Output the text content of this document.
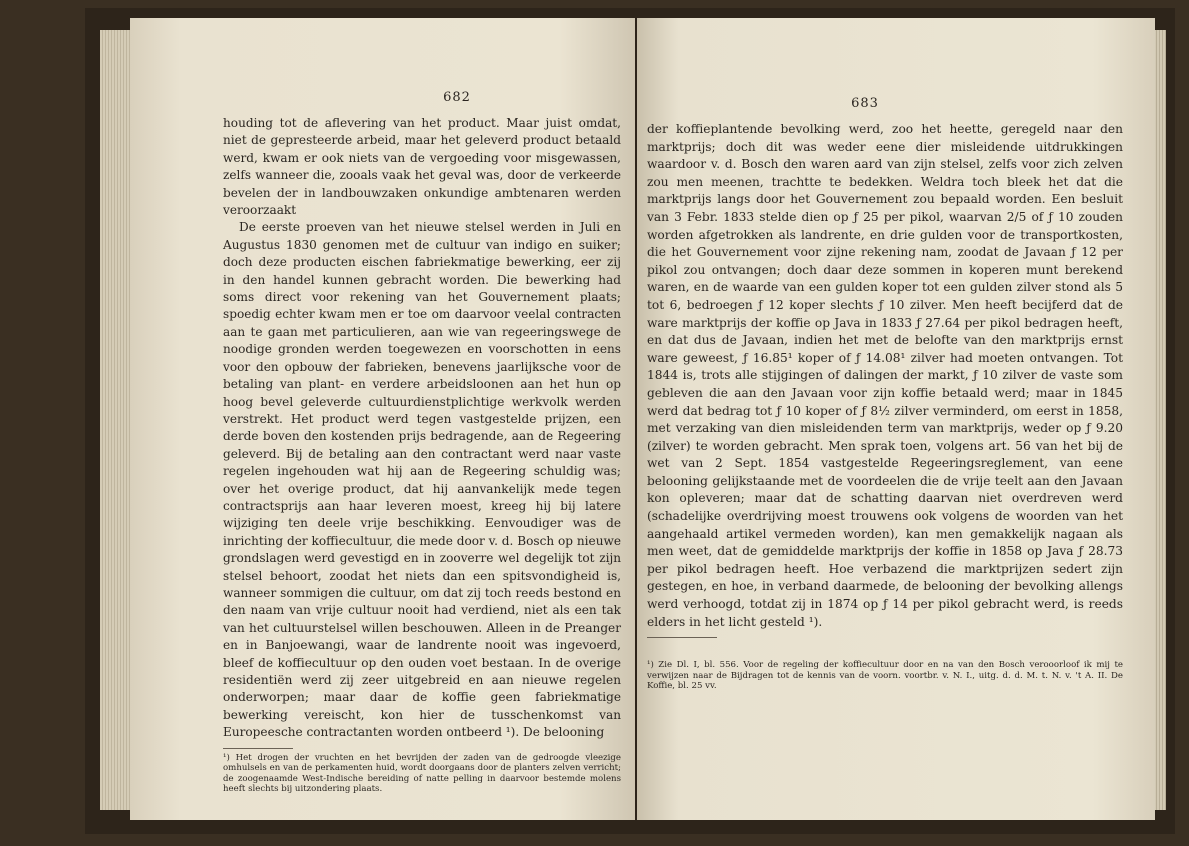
682

houding tot de aflevering van het product. Maar juist omdat, niet de gepresteerde arbeid, maar het geleverd product betaald werd, kwam er ook niets van de vergoeding voor misgewassen, zelfs wanneer die, zooals vaak het geval was, door de verkeerde bevelen der in landbouwzaken onkundige ambtenaren werden veroorzaakt

De eerste proeven van het nieuwe stelsel werden in Juli en Augustus 1830 genomen met de cultuur van indigo en suiker; doch deze producten eischen fabriekmatige bewerking, eer zij in den handel kunnen gebracht worden. Die bewerking had soms direct voor rekening van het Gouvernement plaats; spoedig echter kwam men er toe om daarvoor veelal contracten aan te gaan met particulieren, aan wie van regeeringswege de noodige gronden werden toegewezen en voorschotten in eens voor den opbouw der fabrieken, benevens jaarlijksche voor de betaling van plant- en verdere arbeidsloonen aan het hun op hoog bevel geleverde cultuurdienstplichtige werkvolk werden verstrekt. Het product werd tegen vastgestelde prijzen, een derde boven den kostenden prijs bedragende, aan de Regeering geleverd. Bij de betaling aan den contractant werd naar vaste regelen ingehouden wat hij aan de Regeering schuldig was; over het overige product, dat hij aanvankelijk mede tegen contractsprijs aan haar leveren moest, kreeg hij bij latere wijziging ten deele vrije beschikking. Eenvoudiger was de inrichting der koffiecultuur, die mede door v. d. Bosch op nieuwe grondslagen werd gevestigd en in zooverre wel degelijk tot zijn stelsel behoort, zoodat het niets dan een spitsvondigheid is, wanneer sommigen die cultuur, om dat zij toch reeds bestond en den naam van vrije cultuur nooit had verdiend, niet als een tak van het cultuurstelsel willen beschouwen. Alleen in de Preanger en in Banjoewangi, waar de landrente nooit was ingevoerd, bleef de koffiecultuur op den ouden voet bestaan. In de overige residentiën werd zij zeer uitgebreid en aan nieuwe regelen onderworpen; maar daar de koffie geen fabriekmatige bewerking vereischt, kon hier de tusschenkomst van Europeesche contractanten worden ontbeerd ¹). De belooning

¹) Het drogen der vruchten en het bevrijden der zaden van de gedroogde vleezige omhulsels en van de perkamenten huid, wordt doorgaans door de planters zelven verricht; de zoogenaamde West-Indische bereiding of natte pelling in daarvoor bestemde molens heeft slechts bij uitzondering plaats.
683

der koffieplantende bevolking werd, zoo het heette, geregeld naar den marktprijs; doch dit was weder eene dier misleidende uitdrukkingen waardoor v. d. Bosch den waren aard van zijn stelsel, zelfs voor zich zelven zou men meenen, trachtte te bedekken. Weldra toch bleek het dat die marktprijs langs door het Gouvernement zou bepaald worden. Een besluit van 3 Febr. 1833 stelde dien op ƒ 25 per pikol, waarvan 2/5 of ƒ 10 zouden worden afgetrokken als landrente, en drie gulden voor de transportkosten, die het Gouvernement voor zijne rekening nam, zoodat de Javaan ƒ 12 per pikol zou ontvangen; doch daar deze sommen in koperen munt berekend waren, en de waarde van een gulden koper tot een gulden zilver stond als 5 tot 6, bedroegen ƒ 12 koper slechts ƒ 10 zilver. Men heeft becijferd dat de ware marktprijs der koffie op Java in 1833 ƒ 27.64 per pikol bedragen heeft, en dat dus de Javaan, indien het met de belofte van den marktprijs ernst ware geweest, ƒ 16.85¹ koper of ƒ 14.08¹ zilver had moeten ontvangen. Tot 1844 is, trots alle stijgingen of dalingen der markt, ƒ 10 zilver de vaste som gebleven die aan den Javaan voor zijn koffie betaald werd; maar in 1845 werd dat bedrag tot ƒ 10 koper of ƒ 8½ zilver verminderd, om eerst in 1858, met verzaking van dien misleidenden term van marktprijs, weder op ƒ 9.20 (zilver) te worden gebracht. Men sprak toen, volgens art. 56 van het bij de wet van 2 Sept. 1854 vastgestelde Regeeringsreglement, van eene belooning gelijkstaande met de voordeelen die de vrije teelt aan den Javaan kon opleveren; maar dat de schatting daarvan niet overdreven werd (schadelijke overdrijving moest trouwens ook volgens de woorden van het aangehaald artikel vermeden worden), kan men gemakkelijk nagaan als men weet, dat de gemiddelde marktprijs der koffie in 1858 op Java ƒ 28.73 per pikol bedragen heeft. Hoe verbazend die marktprijzen sedert zijn gestegen, en hoe, in verband daarmede, de belooning der bevolking allengs werd verhoogd, totdat zij in 1874 op ƒ 14 per pikol gebracht werd, is reeds elders in het licht gesteld ¹).

¹) Zie Dl. I, bl. 556. Voor de regeling der koffiecultuur door en na van den Bosch verooorloof ik mij te verwijzen naar de Bijdragen tot de kennis van de voorn. voortbr. v. N. I., uitg. d. d. M. t. N. v. 't A. II. De Koffie, bl. 25 vv.
